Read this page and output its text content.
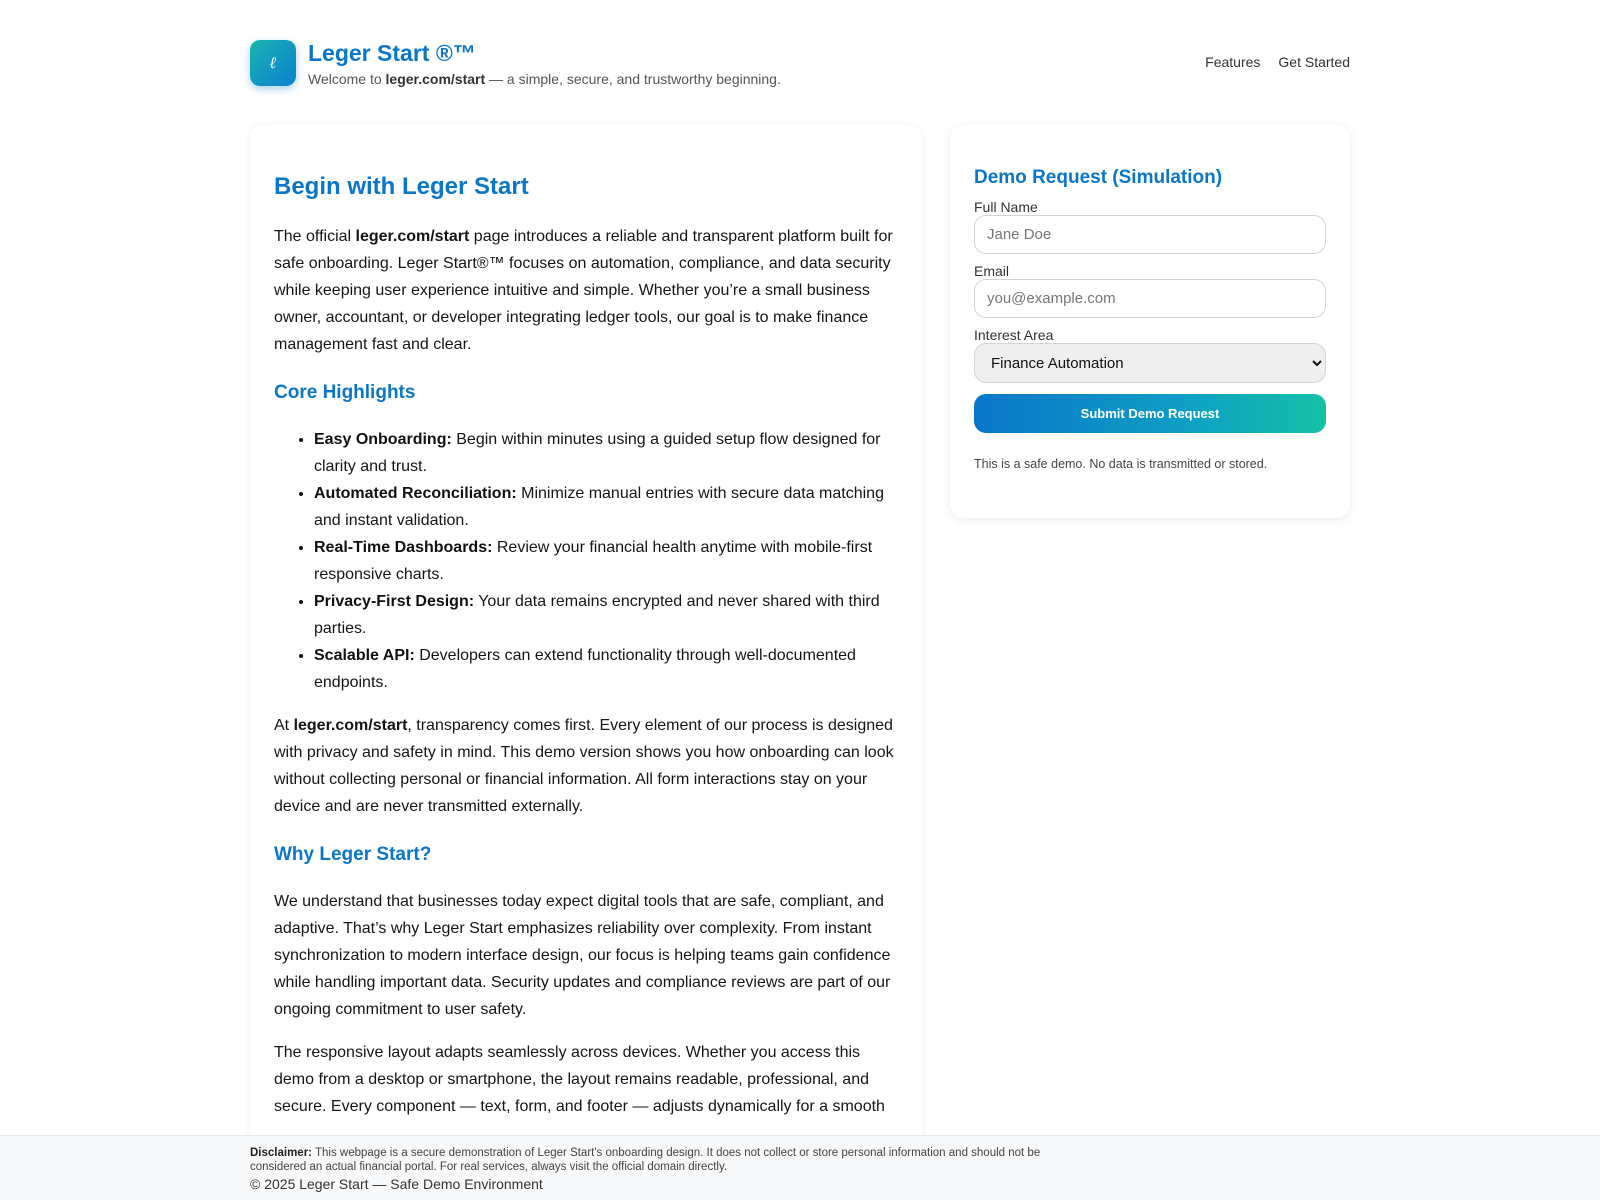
ℓ Leger Start ®™
Welcome to leger.com/start — a simple, secure, and trustworthy beginning.
Features Get Started
Begin with Leger Start

The official leger.com/start page introduces a reliable and transparent platform built for safe onboarding. Leger Start®™ focuses on automation, compliance, and data security while keeping user experience intuitive and simple. Whether you’re a small business owner, accountant, or developer integrating ledger tools, our goal is to make finance management fast and clear.

Core Highlights
• Easy Onboarding: Begin within minutes using a guided setup flow designed for clarity and trust.
• Automated Reconciliation: Minimize manual entries with secure data matching and instant validation.
• Real-Time Dashboards: Review your financial health anytime with mobile-first responsive charts.
• Privacy-First Design: Your data remains encrypted and never shared with third parties.
• Scalable API: Developers can extend functionality through well-documented endpoints.

At leger.com/start, transparency comes first. Every element of our process is designed with privacy and safety in mind. This demo version shows you how onboarding can look without collecting personal or financial information. All form interactions stay on your device and are never transmitted externally.

Why Leger Start?

We understand that businesses today expect digital tools that are safe, compliant, and adaptive. That’s why Leger Start emphasizes reliability over complexity. From instant synchronization to modern interface design, our focus is helping teams gain confidence while handling important data. Security updates and compliance reviews are part of our ongoing commitment to user safety.

The responsive layout adapts seamlessly across devices. Whether you access this demo from a desktop or smartphone, the layout remains readable, professional, and secure. Every component — text, form, and footer — adjusts dynamically for a smooth

Demo Request (Simulation)
Full Name
Jane Doe
Email
you@example.com
Interest Area
Finance Automation
Submit Demo Request
This is a safe demo. No data is transmitted or stored.
Disclaimer: This webpage is a secure demonstration of Leger Start's onboarding design. It does not collect or store personal information and should not be considered an actual financial portal. For real services, always visit the official domain directly.
© 2025 Leger Start — Safe Demo Environment
